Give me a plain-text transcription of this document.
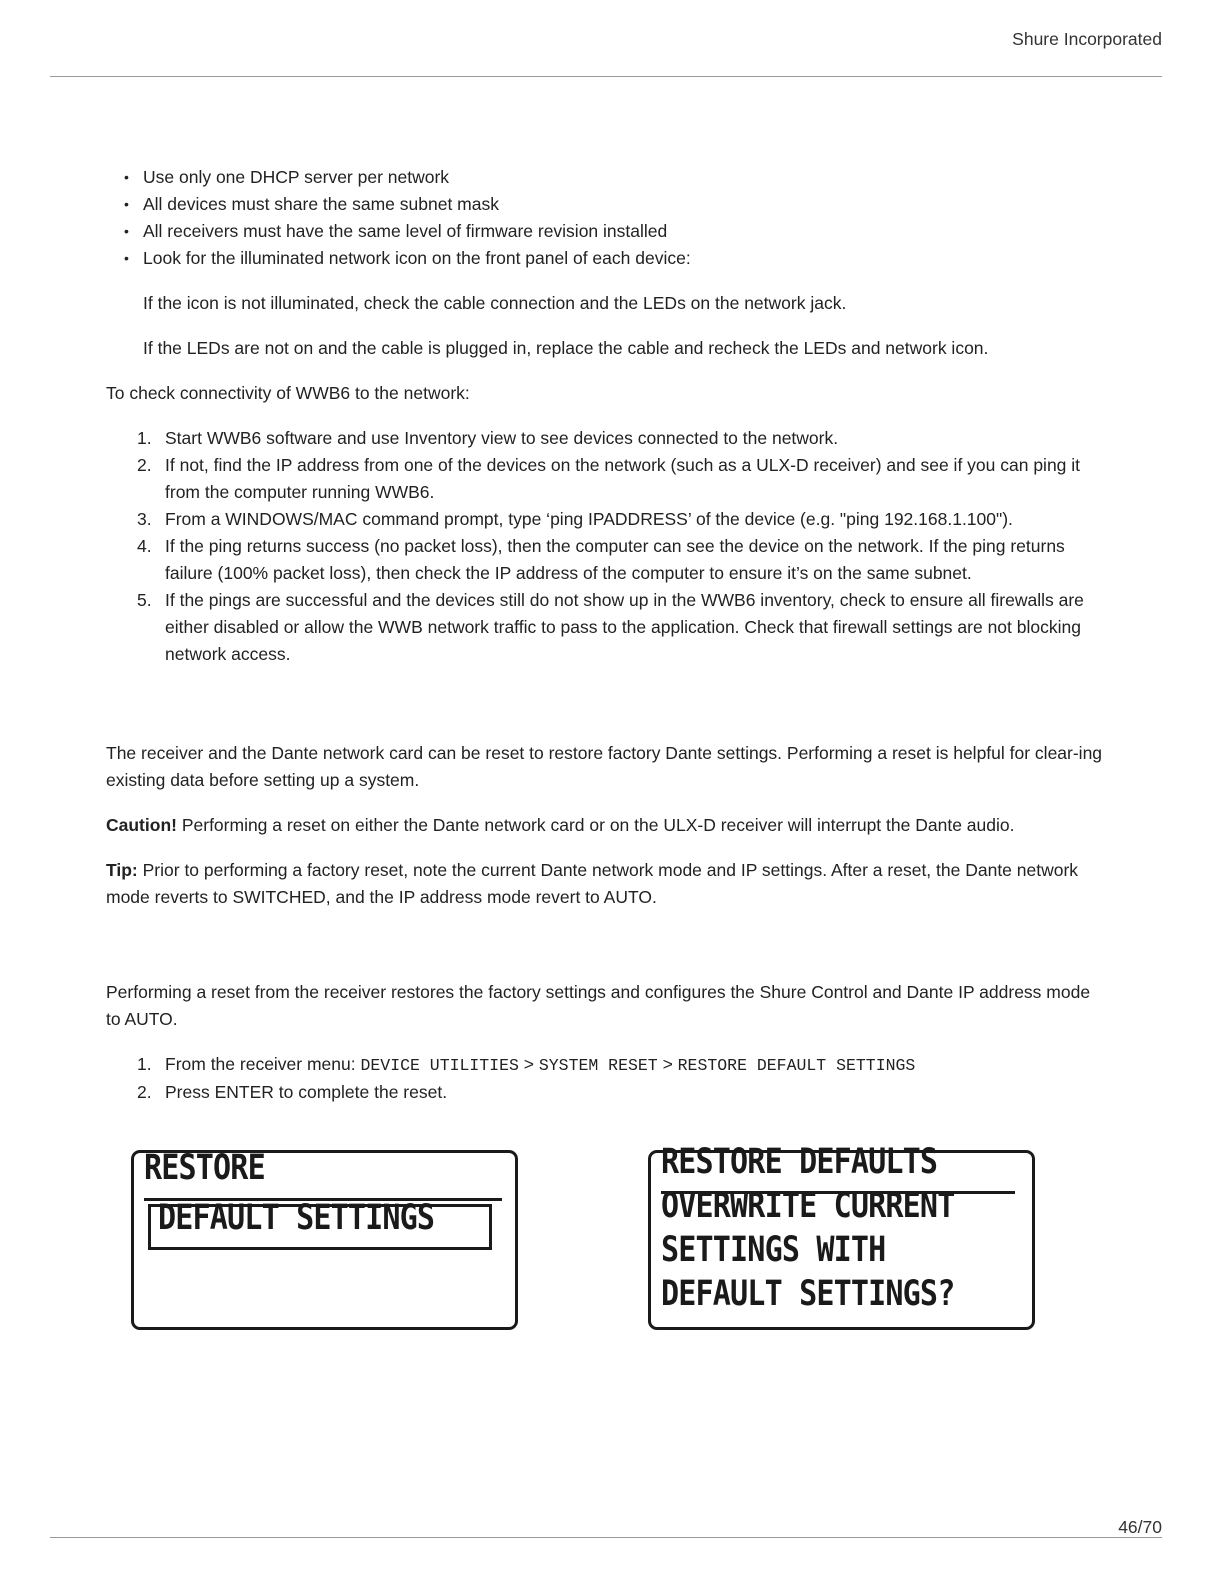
Shure Incorporated
• Use only one DHCP server per network
• All devices must share the same subnet mask
• All receivers must have the same level of firmware revision installed
• Look for the illuminated network icon on the front panel of each device:

If the icon is not illuminated, check the cable connection and the LEDs on the network jack.

If the LEDs are not on and the cable is plugged in, replace the cable and recheck the LEDs and network icon.

To check connectivity of WWB6 to the network:

1. Start WWB6 software and use Inventory view to see devices connected to the network.
2. If not, find the IP address from one of the devices on the network (such as a ULX-D receiver) and see if you can ping it from the computer running WWB6.
3. From a WINDOWS/MAC command prompt, type ‘ping IPADDRESS’ of the device (e.g. "ping 192.168.1.100").
4. If the ping returns success (no packet loss), then the computer can see the device on the network. If the ping returns failure (100% packet loss), then check the IP address of the computer to ensure it’s on the same subnet.
5. If the pings are successful and the devices still do not show up in the WWB6 inventory, check to ensure all firewalls are either disabled or allow the WWB network traffic to pass to the application. Check that firewall settings are not blocking network access.

The receiver and the Dante network card can be reset to restore factory Dante settings. Performing a reset is helpful for clear-ing existing data before setting up a system.

Caution! Performing a reset on either the Dante network card or on the ULX-D receiver will interrupt the Dante audio.

Tip: Prior to performing a factory reset, note the current Dante network mode and IP settings. After a reset, the Dante network mode reverts to SWITCHED, and the IP address mode revert to AUTO.

Performing a reset from the receiver restores the factory settings and configures the Shure Control and Dante IP address mode to AUTO.

1. From the receiver menu: DEVICE UTILITIES > SYSTEM RESET > RESTORE DEFAULT SETTINGS
2. Press ENTER to complete the reset.
RESTORE
DEFAULT SETTINGS
RESTORE DEFAULTS
OVERWRITE CURRENT
SETTINGS WITH
DEFAULT SETTINGS?
46/70
